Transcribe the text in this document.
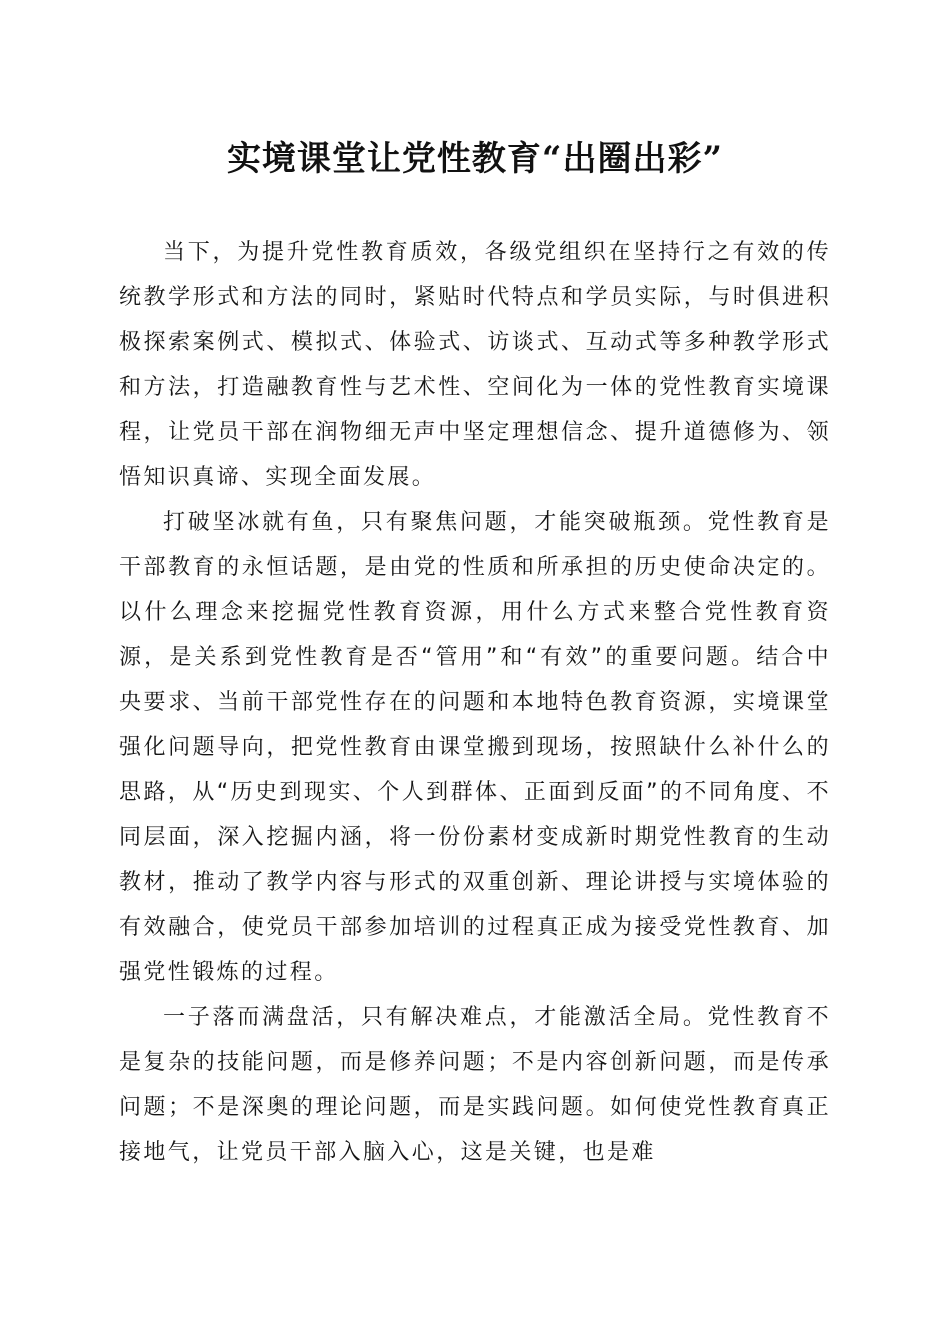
实境课堂让党性教育“出圈出彩”

当下，为提升党性教育质效，各级党组织在坚持行之有效的传统教学形式和方法的同时，紧贴时代特点和学员实际，与时俱进积极探索案例式、模拟式、体验式、访谈式、互动式等多种教学形式和方法，打造融教育性与艺术性、空间化为一体的党性教育实境课程，让党员干部在润物细无声中坚定理想信念、提升道德修为、领悟知识真谛、实现全面发展。

打破坚冰就有鱼，只有聚焦问题，才能突破瓶颈。党性教育是干部教育的永恒话题，是由党的性质和所承担的历史使命决定的。以什么理念来挖掘党性教育资源，用什么方式来整合党性教育资源，是关系到党性教育是否“管用”和“有效”的重要问题。结合中央要求、当前干部党性存在的问题和本地特色教育资源，实境课堂强化问题导向，把党性教育由课堂搬到现场，按照缺什么补什么的思路，从“历史到现实、个人到群体、正面到反面”的不同角度、不同层面，深入挖掘内涵，将一份份素材变成新时期党性教育的生动教材，推动了教学内容与形式的双重创新、理论讲授与实境体验的有效融合，使党员干部参加培训的过程真正成为接受党性教育、加强党性锻炼的过程。

一子落而满盘活，只有解决难点，才能激活全局。党性教育不是复杂的技能问题，而是修养问题；不是内容创新问题，而是传承问题；不是深奥的理论问题，而是实践问题。如何使党性教育真正接地气，让党员干部入脑入心，这是关键，也是难
